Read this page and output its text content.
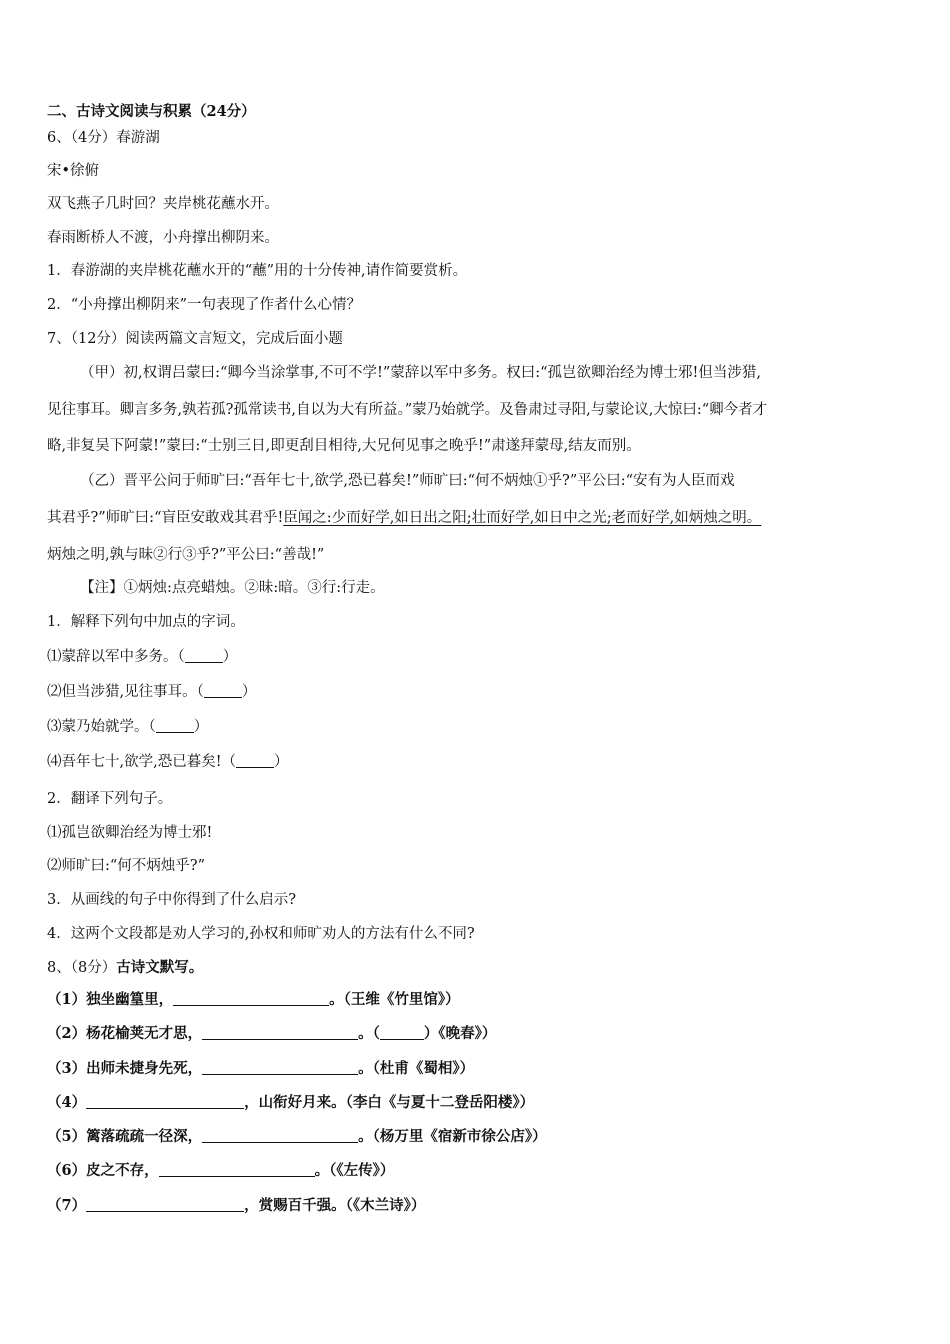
二、古诗文阅读与积累（24分）
6、（4分）春游湖
宋•徐俯
双飞燕子几时回？夹岸桃花蘸水开。
春雨断桥人不渡，小舟撑出柳阴来。
1．春游湖的夹岸桃花蘸水开的“蘸”用的十分传神,请作简要赏析。
2．“小舟撑出柳阴来”一句表现了作者什么心情？
7、（12分）阅读两篇文言短文，完成后面小题
（甲）初,权谓吕蒙曰:“卿今当涂掌事,不可不学!”蒙辞以军中多务。权曰:“孤岂欲卿治经为博士邪!但当涉猎,
见往事耳。卿言多务,孰若孤?孤常读书,自以为大有所益。”蒙乃始就学。及鲁肃过寻阳,与蒙论议,大惊曰:“卿今者才
略,非复吴下阿蒙!”蒙曰:“士别三日,即更刮目相待,大兄何见事之晚乎!”肃遂拜蒙母,结友而别。
（乙）晋平公问于师旷曰:“吾年七十,欲学,恐已暮矣!”师旷曰:“何不炳烛①乎?”平公曰:“安有为人臣而戏
其君乎?”师旷曰:“盲臣安敢戏其君乎!臣闻之:少而好学,如日出之阳;壮而好学,如日中之光;老而好学,如炳烛之明。
炳烛之明,孰与昧②行③乎?”平公曰:“善哉!”
【注】①炳烛:点亮蜡烛。②昧:暗。③行:行走。
1．解释下列句中加点的字词。
⑴蒙辞以军中多务。（	）
⑵但当涉猎,见往事耳。（	）
⑶蒙乃始就学。（	）
⑷吾年七十,欲学,恐已暮矣!（	）
2．翻译下列句子。
⑴孤岂欲卿治经为博士邪!
⑵师旷曰:“何不炳烛乎?”
3．从画线的句子中你得到了什么启示?
4．这两个文段都是劝人学习的,孙权和师旷劝人的方法有什么不同?
8、（8分）古诗文默写。
（1）独坐幽篁里，	。（王维《竹里馆》）
（2）杨花榆荚无才思，	。（	）《晚春》）
（3）出师未捷身先死，	。（杜甫《蜀相》）
（4）	，山衔好月来。（李白《与夏十二登岳阳楼》）
（5）篱落疏疏一径深，	。（杨万里《宿新市徐公店》）
（6）皮之不存，	。（《左传》）
（7）	，赏赐百千强。（《木兰诗》）
